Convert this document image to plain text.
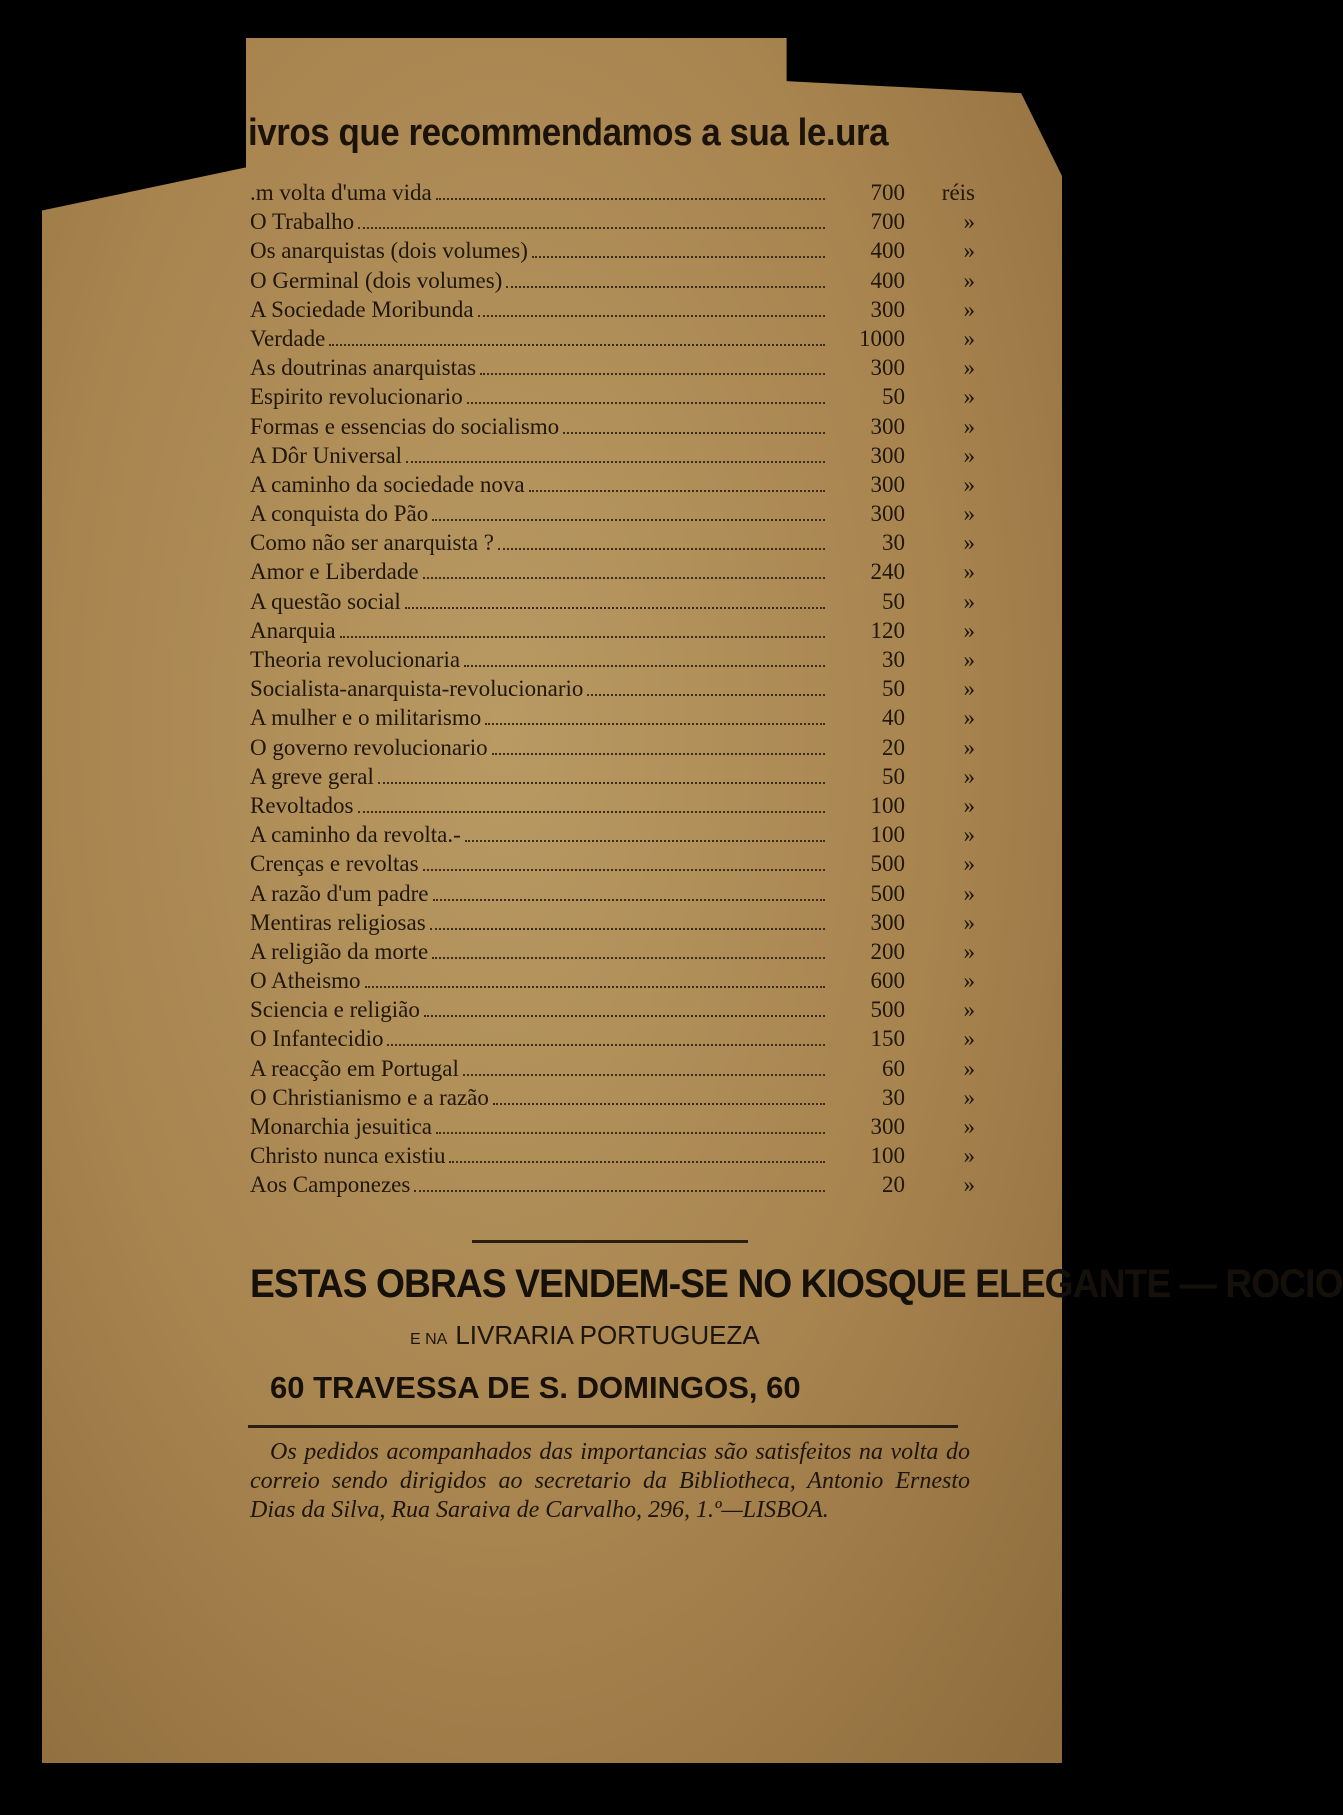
ivros que recommendamos a sua le.ura
.m volta d'uma vida	700	réis
O Trabalho	700	»
Os anarquistas (dois volumes)	400	»
O Germinal (dois volumes)	400	»
A Sociedade Moribunda	300	»
Verdade	1000	»
As doutrinas anarquistas	300	»
Espirito revolucionario	50	»
Formas e essencias do socialismo	300	»
A Dôr Universal	300	»
A caminho da sociedade nova	300	»
A conquista do Pão	300	»
Como não ser anarquista ?	30	»
Amor e Liberdade	240	»
A questão social	50	»
Anarquia	120	»
Theoria revolucionaria	30	»
Socialista-anarquista-revolucionario	50	»
A mulher e o militarismo	40	»
O governo revolucionario	20	»
A greve geral	50	»
Revoltados	100	»
A caminho da revolta.-	100	»
Crenças e revoltas	500	»
A razão d'um padre	500	»
Mentiras religiosas	300	»
A religião da morte	200	»
O Atheismo	600	»
Sciencia e religião	500	»
O Infantecidio	150	»
A reacção em Portugal	60	»
O Christianismo e a razão	30	»
Monarchia jesuitica	300	»
Christo nunca existiu	100	»
Aos Camponezes	20	»

ESTAS OBRAS VENDEM-SE NO KIOSQUE ELEGANTE — ROCIO

E NA LIVRARIA PORTUGUEZA

60 TRAVESSA DE S. DOMINGOS, 60

Os pedidos acompanhados das importancias são satisfeitos na volta do correio sendo dirigidos ao secretario da Bibliotheca, Antonio Ernesto Dias da Silva, Rua Saraiva de Carvalho, 296, 1.º—LISBOA.
